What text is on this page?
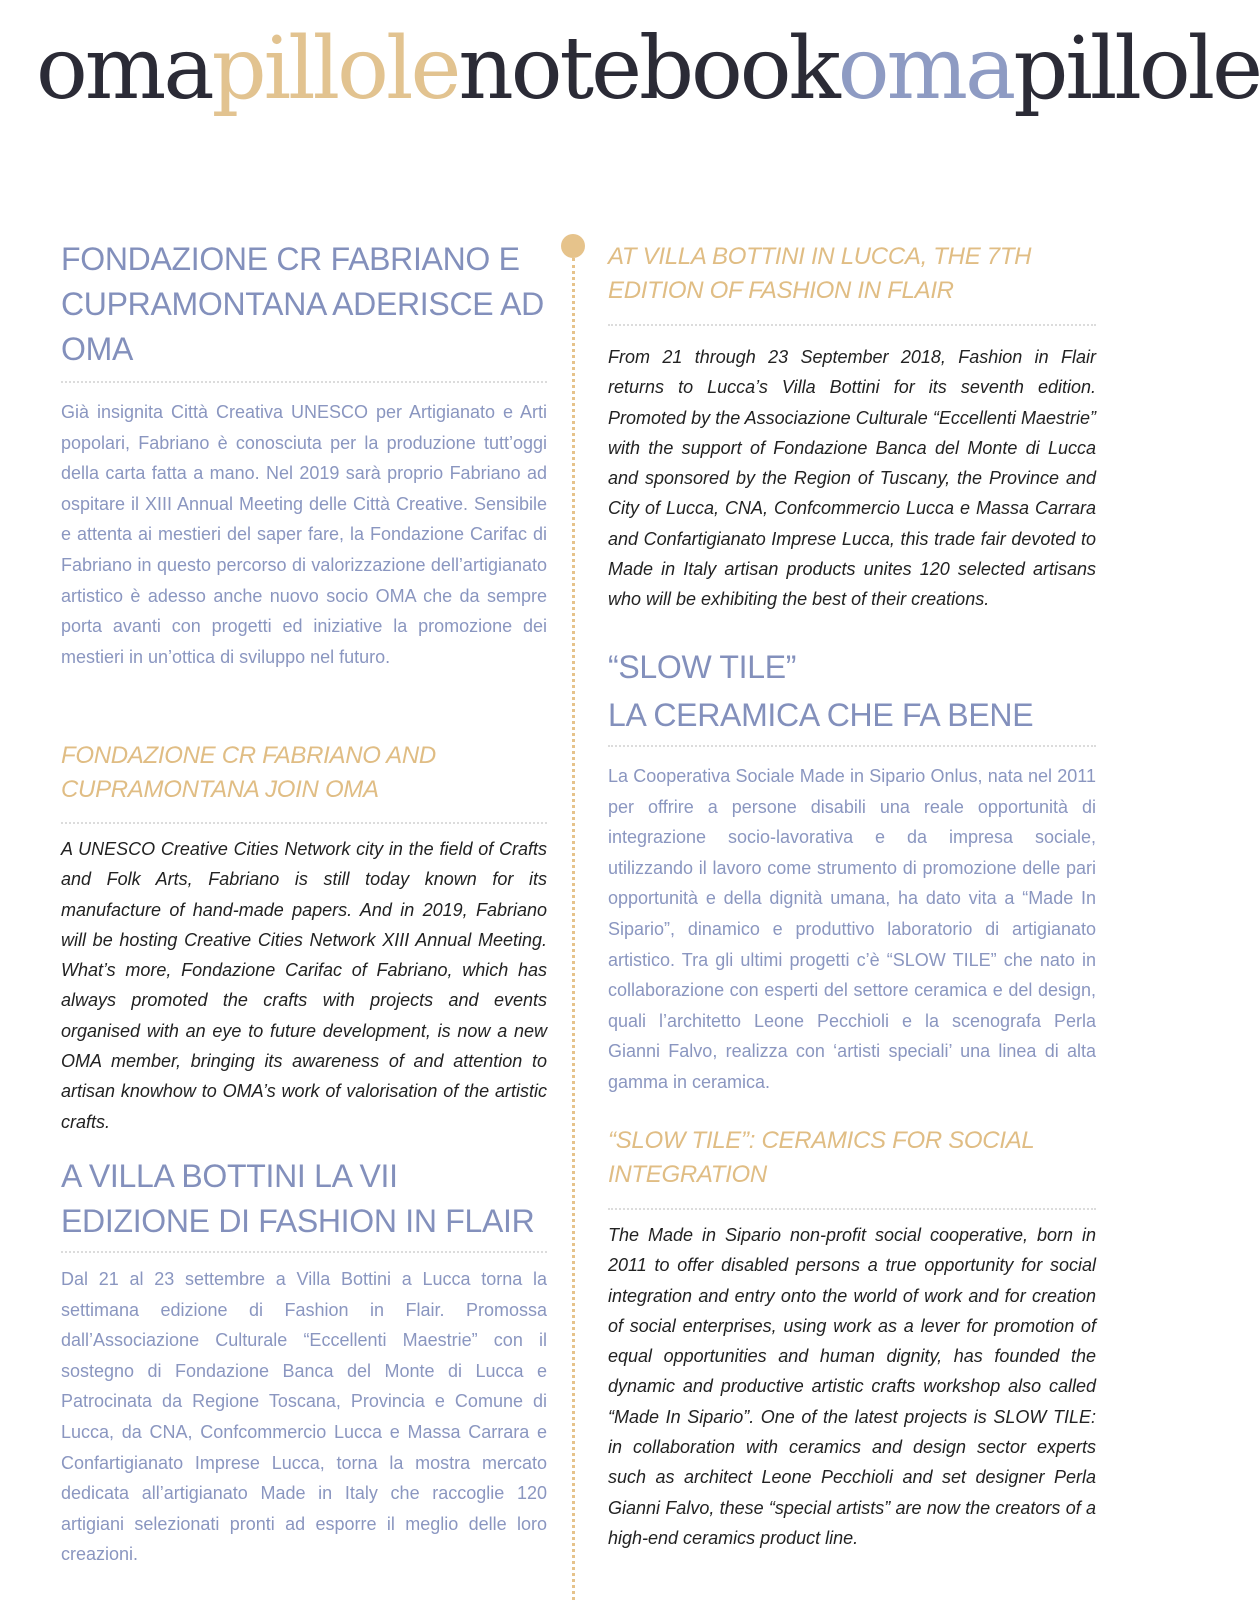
omapillolenotebookomapillole
FONDAZIONE CR FABRIANO E CUPRAMONTANA ADERISCE AD OMA

Già insignita Città Creativa UNESCO per Artigianato e Arti popolari, Fabriano è conosciuta per la produzione tutt’oggi della carta fatta a mano. Nel 2019 sarà proprio Fabriano ad ospitare il XIII Annual Meeting delle Città Creative. Sensibile e attenta ai mestieri del saper fare, la Fondazione Carifac di Fabriano in questo percorso di valorizzazione dell’artigianato artistico è adesso anche nuovo socio OMA che da sempre porta avanti con progetti ed iniziative la promozione dei mestieri in un’ottica di sviluppo nel futuro.

FONDAZIONE CR FABRIANO AND CUPRAMONTANA JOIN OMA

A UNESCO Creative Cities Network city in the field of Crafts and Folk Arts, Fabriano is still today known for its manufacture of hand-made papers. And in 2019, Fabriano will be hosting Creative Cities Network XIII Annual Meeting. What’s more, Fondazione Carifac of Fabriano, which has always promoted the crafts with projects and events organised with an eye to future development, is now a new OMA member, bringing its awareness of and attention to artisan knowhow to OMA’s work of valorisation of the artistic crafts.

A VILLA BOTTINI LA VII EDIZIONE DI FASHION IN FLAIR

Dal 21 al 23 settembre a Villa Bottini a Lucca torna la settimana edizione di Fashion in Flair. Promossa dall’Associazione Culturale “Eccellenti Maestrie” con il sostegno di Fondazione Banca del Monte di Lucca e Patrocinata da Regione Toscana, Provincia e Comune di Lucca, da CNA, Confcommercio Lucca e Massa Carrara e Confartigianato Imprese Lucca, torna la mostra mercato dedicata all’artigianato Made in Italy che raccoglie 120 artigiani selezionati pronti ad esporre il meglio delle loro creazioni.

AT VILLA BOTTINI IN LUCCA, THE 7TH EDITION OF FASHION IN FLAIR

From 21 through 23 September 2018, Fashion in Flair returns to Lucca’s Villa Bottini for its seventh edition. Promoted by the Associazione Culturale “Eccellenti Maestrie” with the support of Fondazione Banca del Monte di Lucca and sponsored by the Region of Tuscany, the Province and City of Lucca, CNA, Confcommercio Lucca e Massa Carrara and Confartigianato Imprese Lucca, this trade fair devoted to Made in Italy artisan products unites 120 selected artisans who will be exhibiting the best of their creations.

“SLOW TILE”
LA CERAMICA CHE FA BENE

La Cooperativa Sociale Made in Sipario Onlus, nata nel 2011 per offrire a persone disabili una reale opportunità di integrazione socio-lavorativa e da impresa sociale, utilizzando il lavoro come strumento di promozione delle pari opportunità e della dignità umana, ha dato vita a “Made In Sipario”, dinamico e produttivo laboratorio di artigianato artistico. Tra gli ultimi progetti c’è “SLOW TILE” che nato in collaborazione con esperti del settore ceramica e del design, quali l’architetto Leone Pecchioli e la scenografa Perla Gianni Falvo, realizza con ‘artisti speciali’ una linea di alta gamma in ceramica.

“SLOW TILE”: CERAMICS FOR SOCIAL INTEGRATION

The Made in Sipario non-profit social cooperative, born in 2011 to offer disabled persons a true opportunity for social integration and entry onto the world of work and for creation of social enterprises, using work as a lever for promotion of equal opportunities and human dignity, has founded the dynamic and productive artistic crafts workshop also called “Made In Sipario”. One of the latest projects is SLOW TILE: in collaboration with ceramics and design sector experts such as architect Leone Pecchioli and set designer Perla Gianni Falvo, these “special artists” are now the creators of a high-end ceramics product line.
